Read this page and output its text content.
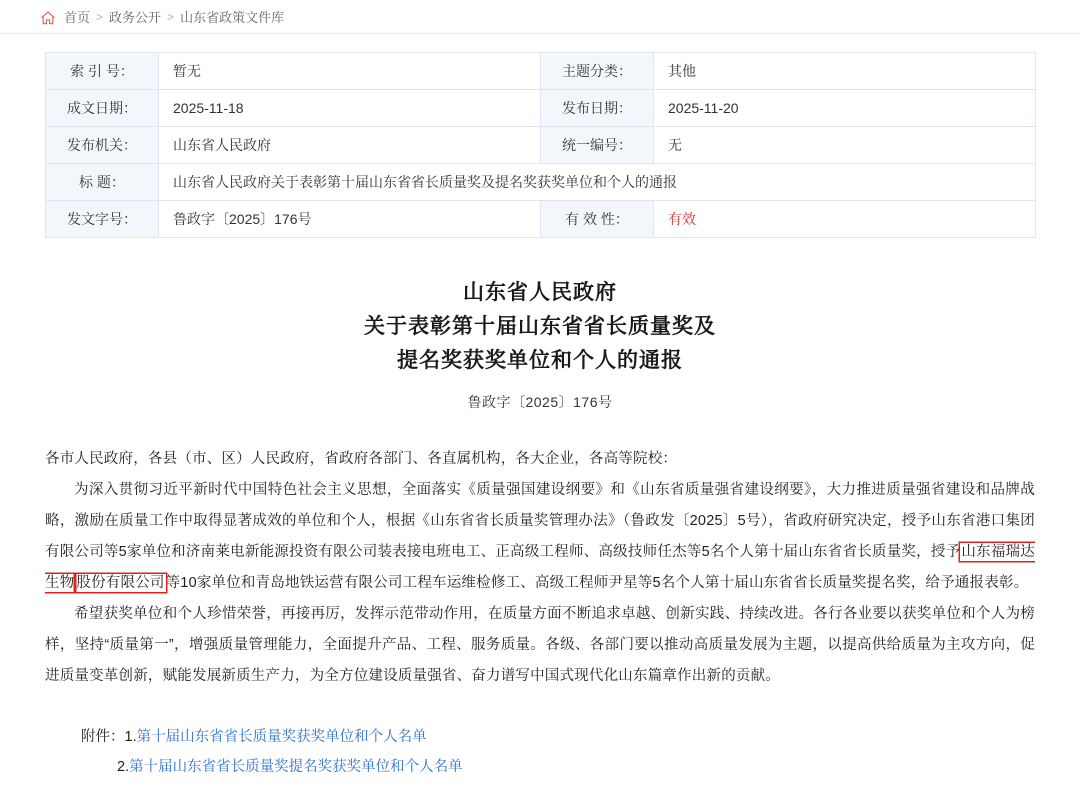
首页 > 政务公开 > 山东省政策文件库
索 引 号：	暂无	主题分类：	其他
成文日期：	2025-11-18	发布日期：	2025-11-20
发布机关：	山东省人民政府	统一编号：	无
标 题：	山东省人民政府关于表彰第十届山东省省长质量奖及提名奖获奖单位和个人的通报		
发文字号：	鲁政字〔2025〕176号	有 效 性：	有效
山东省人民政府
关于表彰第十届山东省省长质量奖及
提名奖获奖单位和个人的通报
鲁政字〔2025〕176号

各市人民政府，各县（市、区）人民政府，省政府各部门、各直属机构，各大企业，各高等院校：

为深入贯彻习近平新时代中国特色社会主义思想，全面落实《质量强国建设纲要》和《山东省质量强省建设纲要》，大力推进质量强省建设和品牌战略，激励在质量工作中取得显著成效的单位和个人，根据《山东省省长质量奖管理办法》（鲁政发〔2025〕5号），省政府研究决定，授予山东省港口集团有限公司等5家单位和济南莱电新能源投资有限公司装表接电班电工、正高级工程师、高级技师任杰等5名个人第十届山东省省长质量奖，授予山东福瑞达生物 股份有限公司等10家单位和青岛地铁运营有限公司工程车运维检修工、高级工程师尹星等5名个人第十届山东省省长质量奖提名奖，给予通报表彰。

希望获奖单位和个人珍惜荣誉，再接再厉，发挥示范带动作用，在质量方面不断追求卓越、创新实践、持续改进。各行各业要以获奖单位和个人为榜样，坚持“质量第一”，增强质量管理能力，全面提升产品、工程、服务质量。各级、各部门要以推动高质量发展为主题，以提高供给质量为主攻方向，促进质量变革创新，赋能发展新质生产力，为全方位建设质量强省、奋力谱写中国式现代化山东篇章作出新的贡献。

附件：1.第十届山东省省长质量奖获奖单位和个人名单
2.第十届山东省省长质量奖提名奖获奖单位和个人名单
